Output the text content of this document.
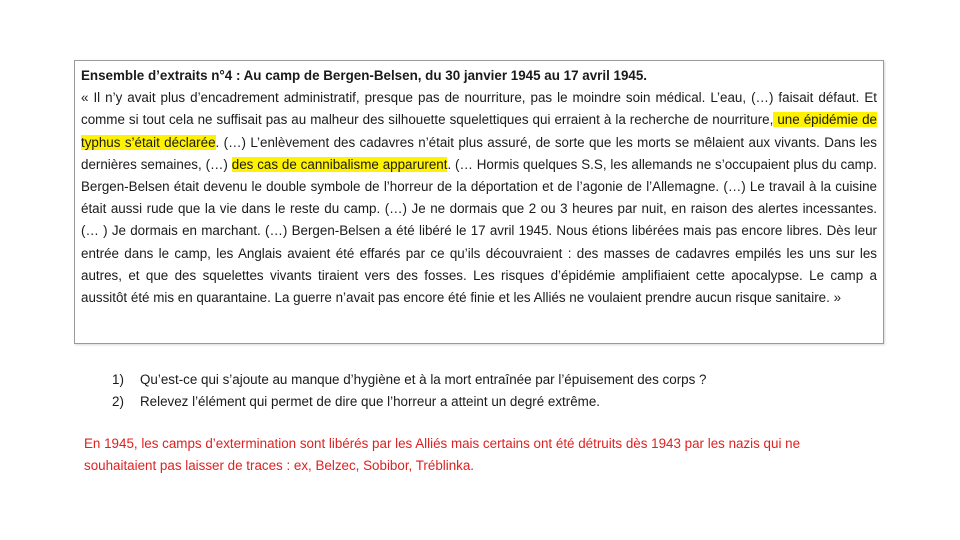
Ensemble d’extraits n°4 : Au camp de Bergen-Belsen, du 30 janvier 1945 au 17 avril 1945.
« Il n’y avait plus d’encadrement administratif, presque pas de nourriture, pas le moindre soin médical. L’eau, (…) faisait défaut. Et comme si tout cela ne suffisait pas au malheur des silhouette squelettiques qui erraient à la recherche de nourriture, une épidémie de typhus s’était déclarée. (…) L’enlèvement des cadavres n’était plus assuré, de sorte que les morts se mêlaient aux vivants. Dans les dernières semaines, (…) des cas de cannibalisme apparurent. (… Hormis quelques S.S, les allemands ne s’occupaient plus du camp. Bergen-Belsen était devenu le double symbole de l’horreur de la déportation et de l’agonie de l’Allemagne. (…) Le travail à la cuisine était aussi rude que la vie dans le reste du camp. (…) Je ne dormais que 2 ou 3 heures par nuit, en raison des alertes incessantes. (… ) Je dormais en marchant. (…) Bergen-Belsen a été libéré le 17 avril 1945. Nous étions libérées mais pas encore libres. Dès leur entrée dans le camp, les Anglais avaient été effarés par ce qu’ils découvraient : des masses de cadavres empilés les uns sur les autres, et que des squelettes vivants tiraient vers des fosses. Les risques d’épidémie amplifiaient cette apocalypse. Le camp a aussitôt été mis en quarantaine. La guerre n’avait pas encore été finie et les Alliés ne voulaient prendre aucun risque sanitaire. »
1)	Qu’est-ce qui s’ajoute au manque d’hygiène et à la mort entraînée par l’épuisement des corps ?
2)	Relevez l’élément qui permet de dire que l’horreur a atteint un degré extrême.
En 1945, les camps d’extermination sont libérés par les Alliés mais certains ont été détruits dès 1943 par les nazis qui ne souhaitaient pas laisser de traces : ex, Belzec, Sobibor, Tréblinka.
